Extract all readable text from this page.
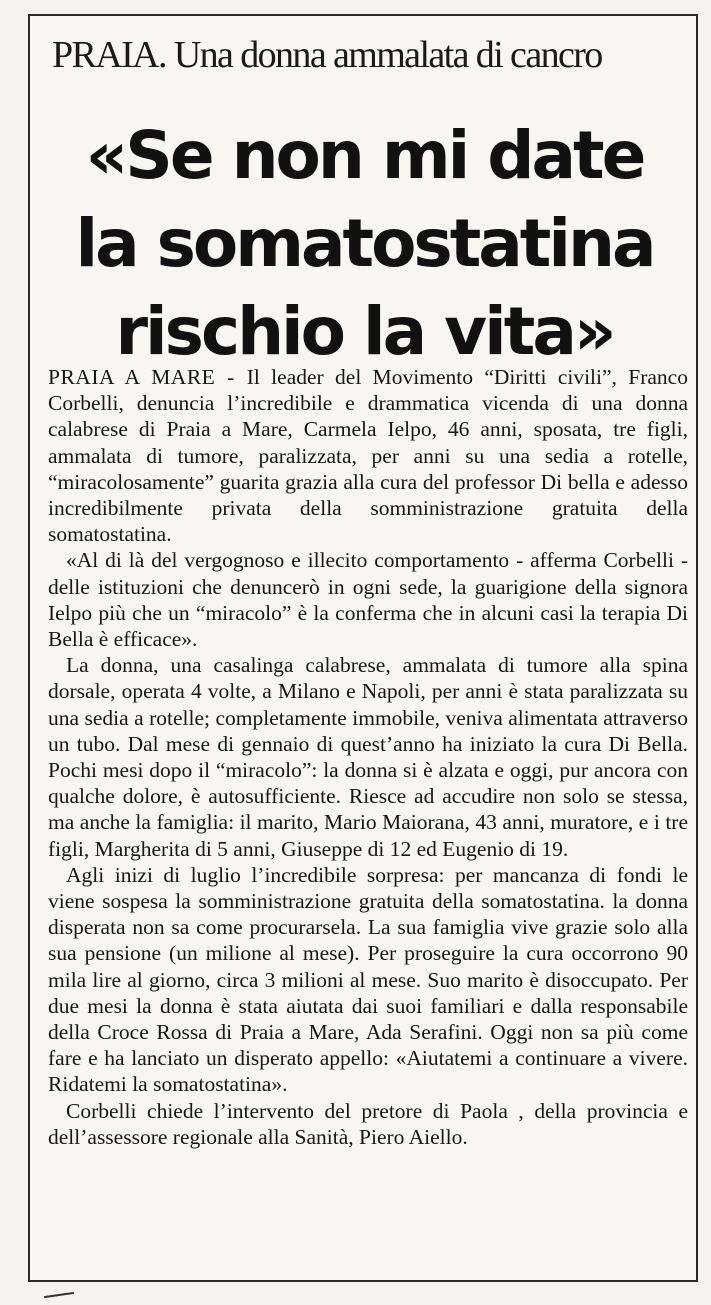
PRAIA. Una donna ammalata di cancro
«Se non mi date
la somatostatina
rischio la vita»

PRAIA A MARE - Il leader del Movimento “Diritti civili”, Franco Corbelli, denuncia l’incredibile e drammatica vicenda di una donna calabrese di Praia a Mare, Carmela Ielpo, 46 anni, sposata, tre figli, ammalata di tumore, paralizzata, per anni su una sedia a rotelle, “miracolosamente” guarita grazia alla cura del professor Di bella e adesso incredibilmente privata della somministrazione gratuita della somatostatina.

«Al di là del vergognoso e illecito comportamento - afferma Corbelli - delle istituzioni che denuncerò in ogni sede, la guarigione della signora Ielpo più che un “miracolo” è la conferma che in alcuni casi la terapia Di Bella è efficace».

La donna, una casalinga calabrese, ammalata di tumore alla spina dorsale, operata 4 volte, a Milano e Napoli, per anni è stata paralizzata su una sedia a rotelle; completamente immobile, veniva alimentata attraverso un tubo. Dal mese di gennaio di quest’anno ha iniziato la cura Di Bella. Pochi mesi dopo il “miracolo”: la donna si è alzata e oggi, pur ancora con qualche dolore, è autosufficiente. Riesce ad accudire non solo se stessa, ma anche la famiglia: il marito, Mario Maiorana, 43 anni, muratore, e i tre figli, Margherita di 5 anni, Giuseppe di 12 ed Eugenio di 19.

Agli inizi di luglio l’incredibile sorpresa: per mancanza di fondi le viene sospesa la somministrazione gratuita della somatostatina. la donna disperata non sa come procurarsela. La sua famiglia vive grazie solo alla sua pensione (un milione al mese). Per proseguire la cura occorrono 90 mila lire al giorno, circa 3 milioni al mese. Suo marito è disoccupato. Per due mesi la donna è stata aiutata dai suoi familiari e dalla responsabile della Croce Rossa di Praia a Mare, Ada Serafini. Oggi non sa più come fare e ha lanciato un disperato appello: «Aiutatemi a continuare a vivere. Ridatemi la somatostatina».

Corbelli chiede l’intervento del pretore di Paola , della provincia e dell’assessore regionale alla Sanità, Piero Aiello.
